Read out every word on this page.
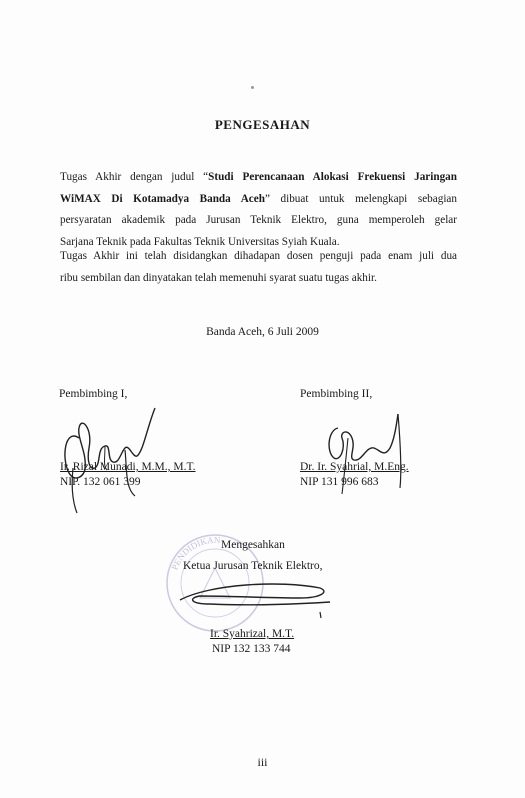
PENGESAHAN
Tugas Akhir dengan judul “Studi Perencanaan Alokasi Frekuensi Jaringan
WiMAX Di Kotamadya Banda Aceh” dibuat untuk melengkapi sebagian
persyaratan akademik pada Jurusan Teknik Elektro, guna memperoleh gelar
Sarjana Teknik pada Fakultas Teknik Universitas Syiah Kuala.
Tugas Akhir ini telah disidangkan dihadapan dosen penguji pada enam juli dua
ribu sembilan dan dinyatakan telah memenuhi syarat suatu tugas akhir.
Banda Aceh, 6 Juli 2009
Pembimbing I,
Ir. Rizal Munadi, M.M., M.T.
NIP. 132 061 399
Pembimbing II,
Dr. Ir. Syahrial, M.Eng.
NIP 131 996 683
PENDIDIKAN Mengesahkan
Ketua Jurusan Teknik Elektro,
Ir. Syahrizal, M.T.
NIP 132 133 744
iii
